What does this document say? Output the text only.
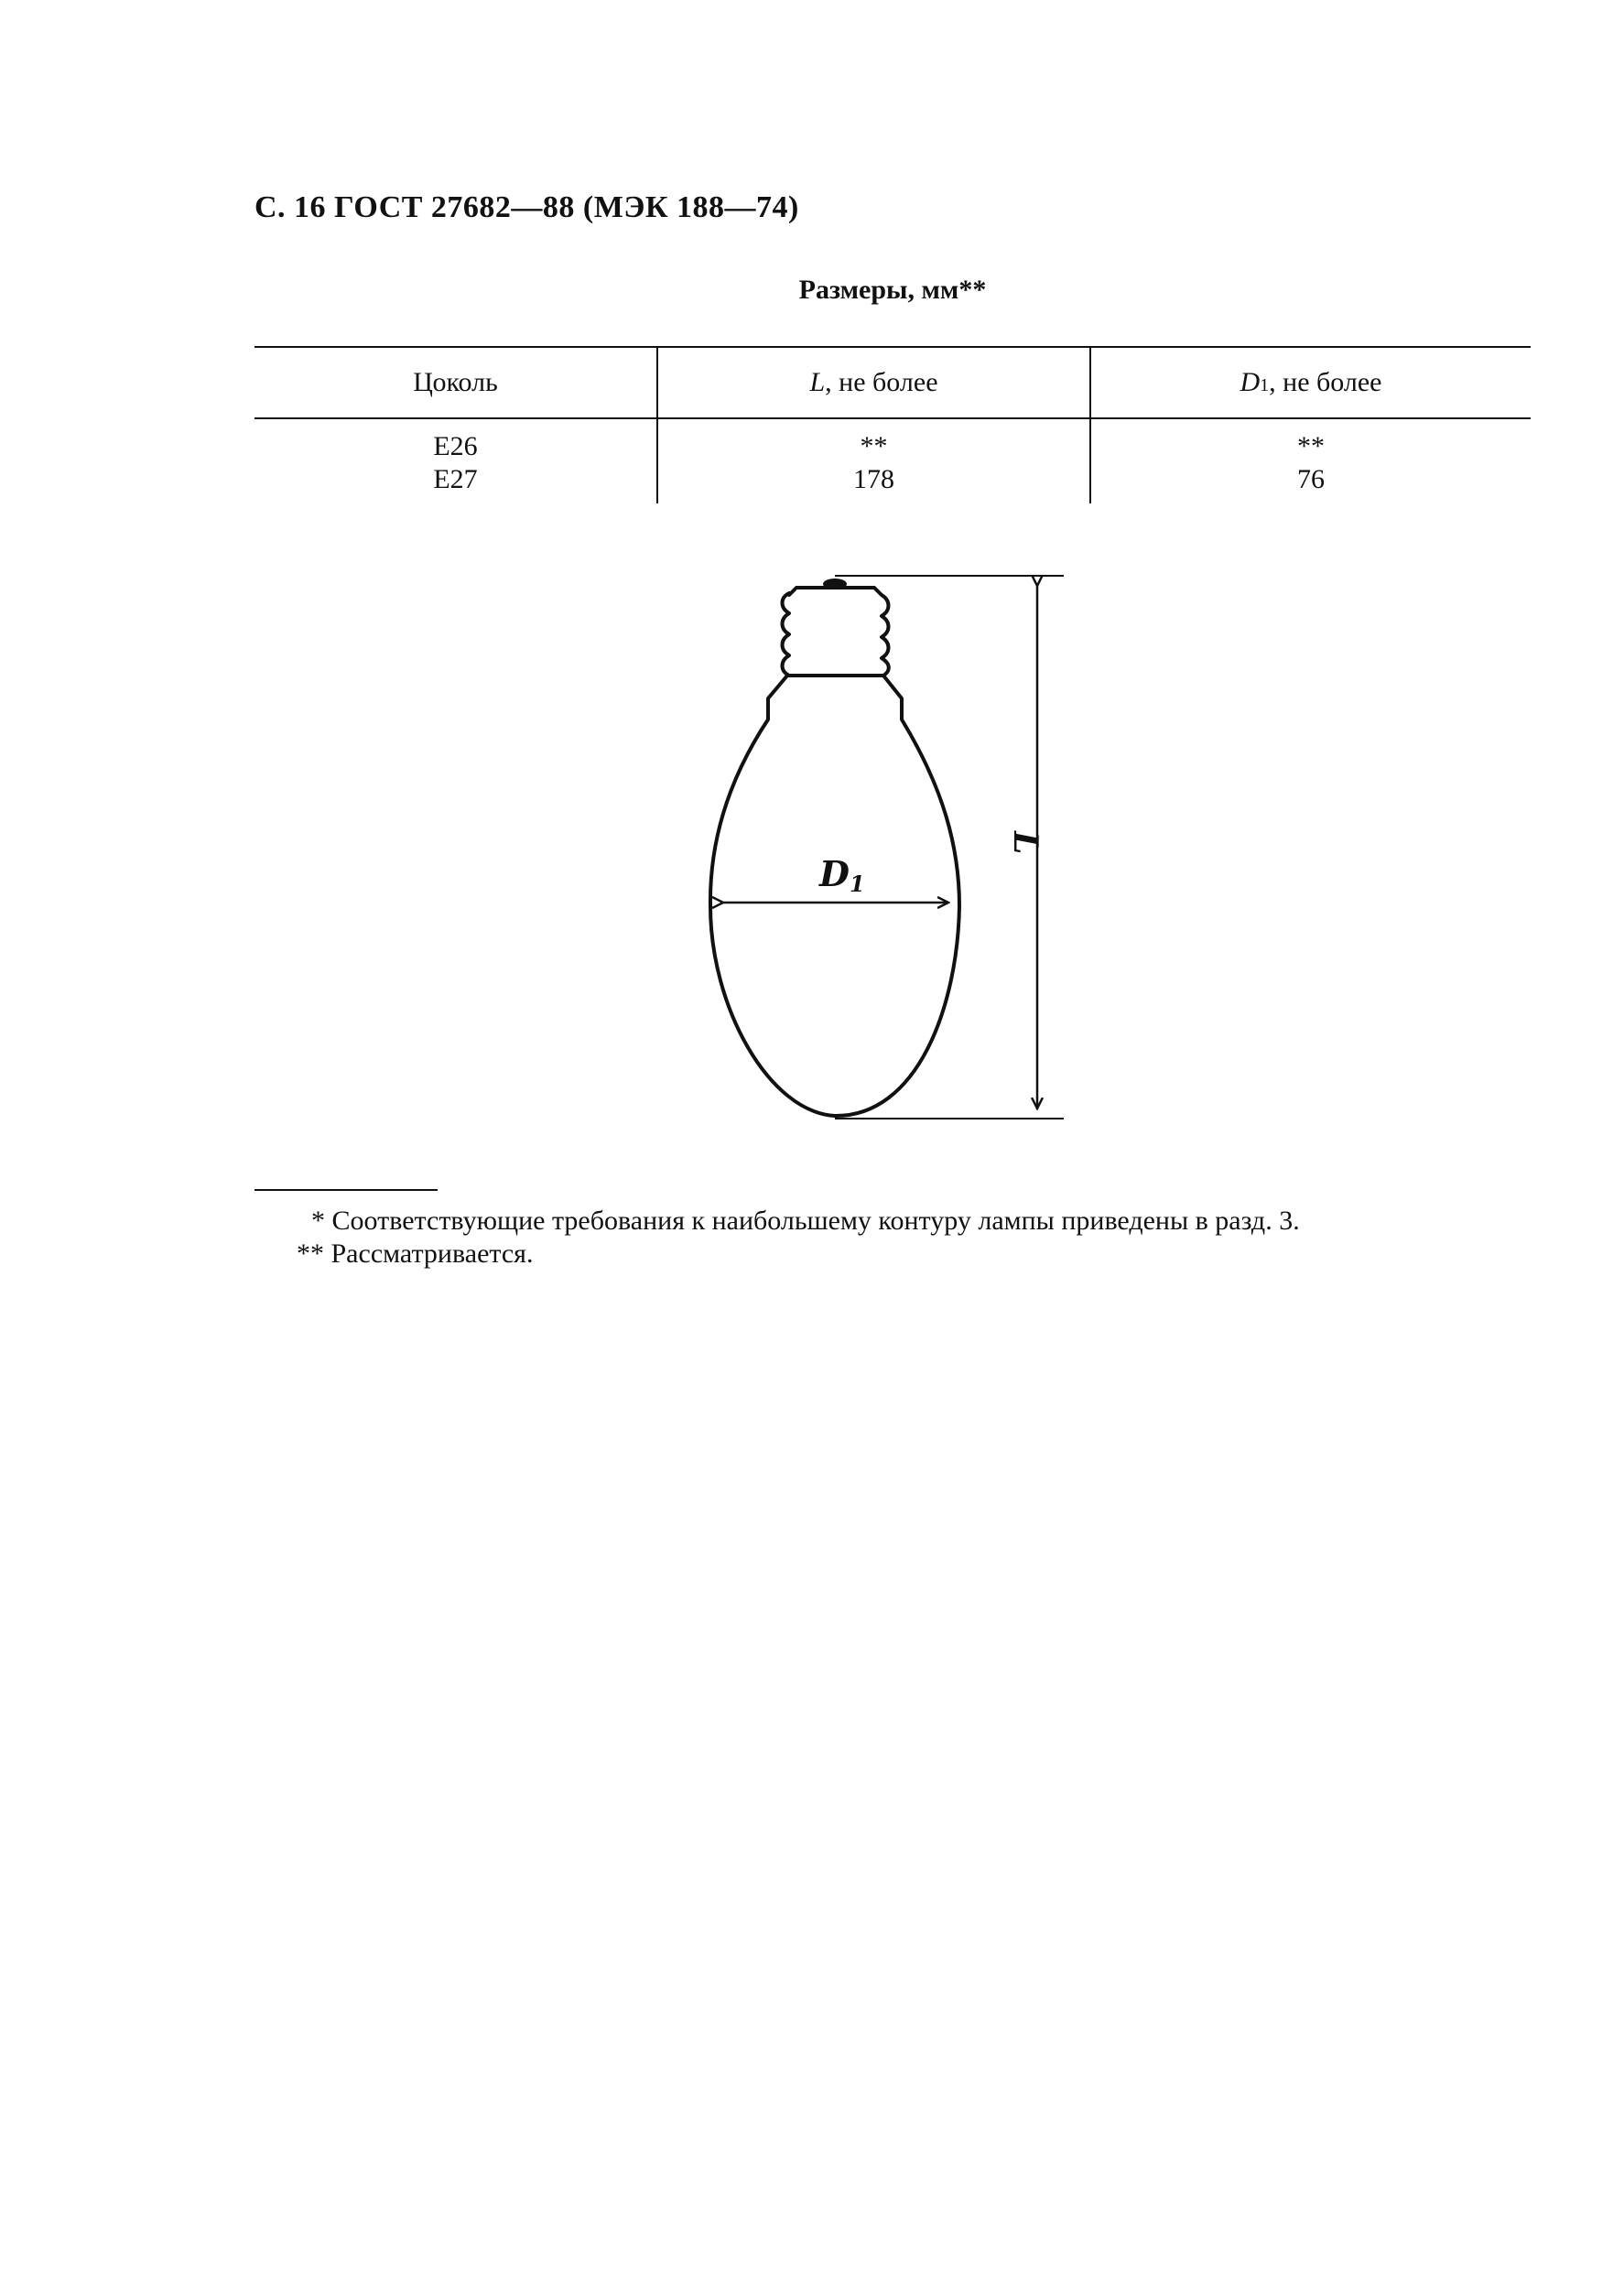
С. 16 ГОСТ 27682—88 (МЭК 188—74)
Размеры, мм**
Цоколь	L, не более	D1, не более
E26	**	**
E27	178	76
D1
L

* Соответствующие требования к наибольшему контуру лампы приведены в разд. 3.

** Рассматривается.
